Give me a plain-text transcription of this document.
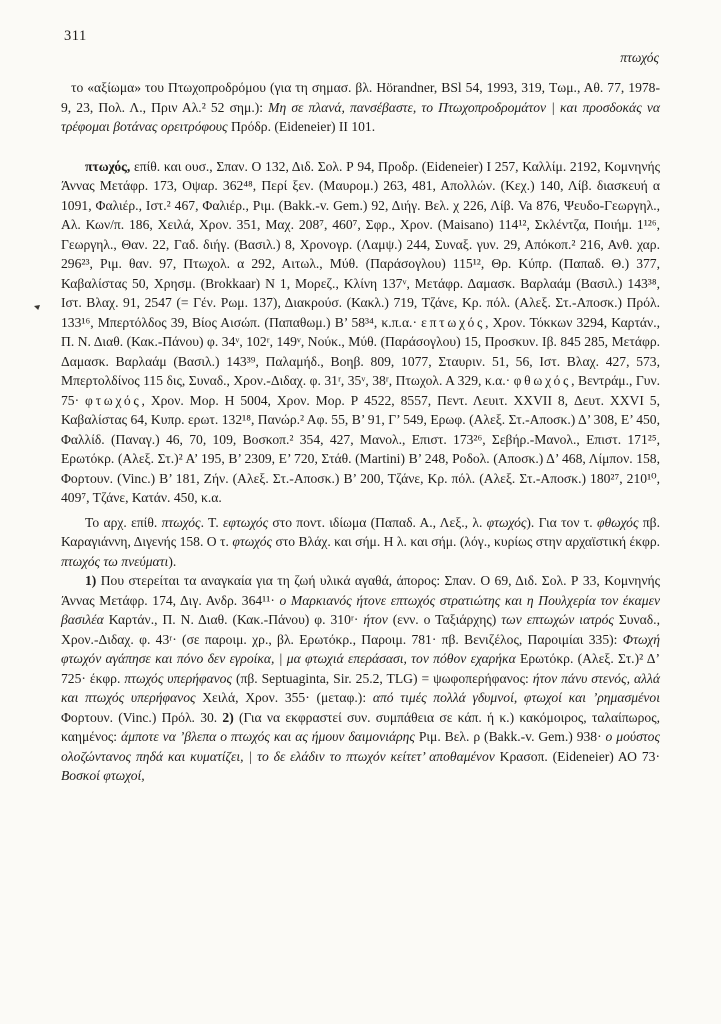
311
πτωχός

το «αξίωμα» του Πτωχοπροδρόμου (για τη σημασ. βλ. Hörandner, BSl 54, 1993, 319, Τωμ., Αθ. 77, 1978-9, 23, Πολ. Λ., Πριν Αλ.² 52 σημ.): Μη σε πλανά, πανσέβαστε, το Πτωχοπροδρομάτον | και προσδοκάς να τρέφομαι βοτάνας ορειτρόφους Πρόδρ. (Eideneier) II 101.

πτωχός, επίθ. και ουσ., Σπαν. Ο 132, Διδ. Σολ. Ρ 94, Προδρ. (Eideneier) Ι 257, Καλλίμ. 2192, Κομνηνής Άννας Μετάφρ. 173, Οψαρ. 362⁴⁸, Περί ξεν. (Μαυρομ.) 263, 481, Απολλών. (Κεχ.) 140, Λίβ. διασκευή α 1091, Φαλιέρ., Ιστ.² 467, Φαλιέρ., Ριμ. (Bakk.-v. Gem.) 92, Διήγ. Βελ. χ 226, Λίβ. Va 876, Ψευδο-Γεωργηλ., Αλ. Κων/π. 186, Χειλά, Χρον. 351, Μαχ. 208⁷, 460⁷, Σφρ., Χρον. (Maisano) 114¹², Σκλέντζα, Ποιήμ. 1¹²⁶, Γεωργηλ., Θαν. 22, Γαδ. διήγ. (Βασιλ.) 8, Χρονογρ. (Λαμψ.) 244, Συναξ. γυν. 29, Απόκοπ.² 216, Ανθ. χαρ. 296²³, Ριμ. θαν. 97, Πτωχολ. α 292, Αιτωλ., Μύθ. (Παράσογλου) 115¹², Θρ. Κύπρ. (Παπαδ. Θ.) 377, Καβαλίστας 50, Χρησμ. (Brokkaar) Ν 1, Μορεζ., Κλίνη 137ᵛ, Μετάφρ. Δαμασκ. Βαρλαάμ (Βασιλ.) 143³⁸, Ιστ. Βλαχ. 91, 2547 (= Γέν. Ρωμ. 137), Διακρούσ. (Κακλ.) 719, Τζάνε, Κρ. πόλ. (Αλεξ. Στ.-Αποσκ.) Πρόλ. 133¹⁶, Μπερτόλδος 39, Βίος Αισώπ. (Παπαθωμ.) Β’ 58³⁴, κ.π.α.· επτωχός, Χρον. Τόκκων 3294, Καρτάν., Π. Ν. Διαθ. (Κακ.-Πάνου) φ. 34ᵛ, 102ʳ, 149ᵛ, Νούκ., Μύθ. (Παράσογλου) 15, Προσκυν. Ιβ. 845 285, Μετάφρ. Δαμασκ. Βαρλαάμ (Βασιλ.) 143³⁹, Παλαμήδ., Βοηβ. 809, 1077, Σταυριν. 51, 56, Ιστ. Βλαχ. 427, 573, Μπερτολδίνος 115 δις, Συναδ., Χρον.-Διδαχ. φ. 31ʳ, 35ᵛ, 38ʳ, Πτωχολ. Α 329, κ.α.· φθωχός, Βεντράμ., Γυν. 75· φτωχός, Χρον. Μορ. Η 5004, Χρον. Μορ. Ρ 4522, 8557, Πεντ. Λευιτ. XXVII 8, Δευτ. XXVI 5, Καβαλίστας 64, Κυπρ. ερωτ. 132¹⁸, Πανώρ.² Αφ. 55, Β’ 91, Γ’ 549, Ερωφ. (Αλεξ. Στ.-Αποσκ.) Δ’ 308, Ε’ 450, Φαλλίδ. (Παναγ.) 46, 70, 109, Βοσκοπ.² 354, 427, Μανολ., Επιστ. 173²⁶, Σεβήρ.-Μανολ., Επιστ. 171²⁵, Ερωτόκρ. (Αλεξ. Στ.)² Α’ 195, Β’ 2309, Ε’ 720, Στάθ. (Martini) Β’ 248, Ροδολ. (Αποσκ.) Δ’ 468, Λίμπον. 158, Φορτουν. (Vinc.) Β’ 181, Ζήν. (Αλεξ. Στ.-Αποσκ.) Β’ 200, Τζάνε, Κρ. πόλ. (Αλεξ. Στ.-Αποσκ.) 180²⁷, 210¹⁰, 409⁷, Τζάνε, Κατάν. 450, κ.α.

Το αρχ. επίθ. πτωχός. Τ. εφτωχός στο ποντ. ιδίωμα (Παπαδ. Α., Λεξ., λ. φτωχός). Για τον τ. φθωχός πβ. Καραγιάννη, Διγενής 158. Ο τ. φτωχός στο Βλάχ. και σήμ. Η λ. και σήμ. (λόγ., κυρίως στην αρχαϊστική έκφρ. πτωχός τω πνεύματι).

1) Που στερείται τα αναγκαία για τη ζωή υλικά αγαθά, άπορος: Σπαν. Ο 69, Διδ. Σολ. Ρ 33, Κομνηνής Άννας Μετάφρ. 174, Διγ. Ανδρ. 364¹¹· ο Μαρκιανός ήτονε επτωχός στρατιώτης και η Πουλχερία τον έκαμεν βασιλέα Καρτάν., Π. Ν. Διαθ. (Κακ.-Πάνου) φ. 310ʳ· ήτον (ενν. ο Ταξιάρχης) των επτωχών ιατρός Συναδ., Χρον.-Διδαχ. φ. 43ʳ· (σε παροιμ. χρ., βλ. Ερωτόκρ., Παροιμ. 781· πβ. Βενιζέλος, Παροιμίαι 335): Φτωχή φτωχόν αγάπησε και πόνο δεν εγροίκα, | μα φτωχιά επεράσασι, τον πόθον εχαρήκα Ερωτόκρ. (Αλεξ. Στ.)² Δ’ 725· έκφρ. πτωχός υπερήφανος (πβ. Septuaginta, Sir. 25.2, TLG) = ψωφοπερήφανος: ήτον πάνυ στενός, αλλά και πτωχός υπερήφανος Χειλά, Χρον. 355· (μεταφ.): από τιμές πολλά γδυμνοί, φτωχοί και ’ρημασμένοι Φορτουν. (Vinc.) Πρόλ. 30. 2) (Για να εκφραστεί συν. συμπάθεια σε κάπ. ή κ.) κακόμοιρος, ταλαίπωρος, καημένος: άμποτε να ’βλεπα ο πτωχός και ας ήμουν δαιμονιάρης Ριμ. Βελ. ρ (Bakk.-v. Gem.) 938· ο μούστος ολοζώντανος πηδά και κυματίζει, | το δε ελάδιν το πτωχόν κείτετ’ αποθαμένον Κρασοπ. (Eideneier) ΑΟ 73· Βοσκοί φτωχοί,
